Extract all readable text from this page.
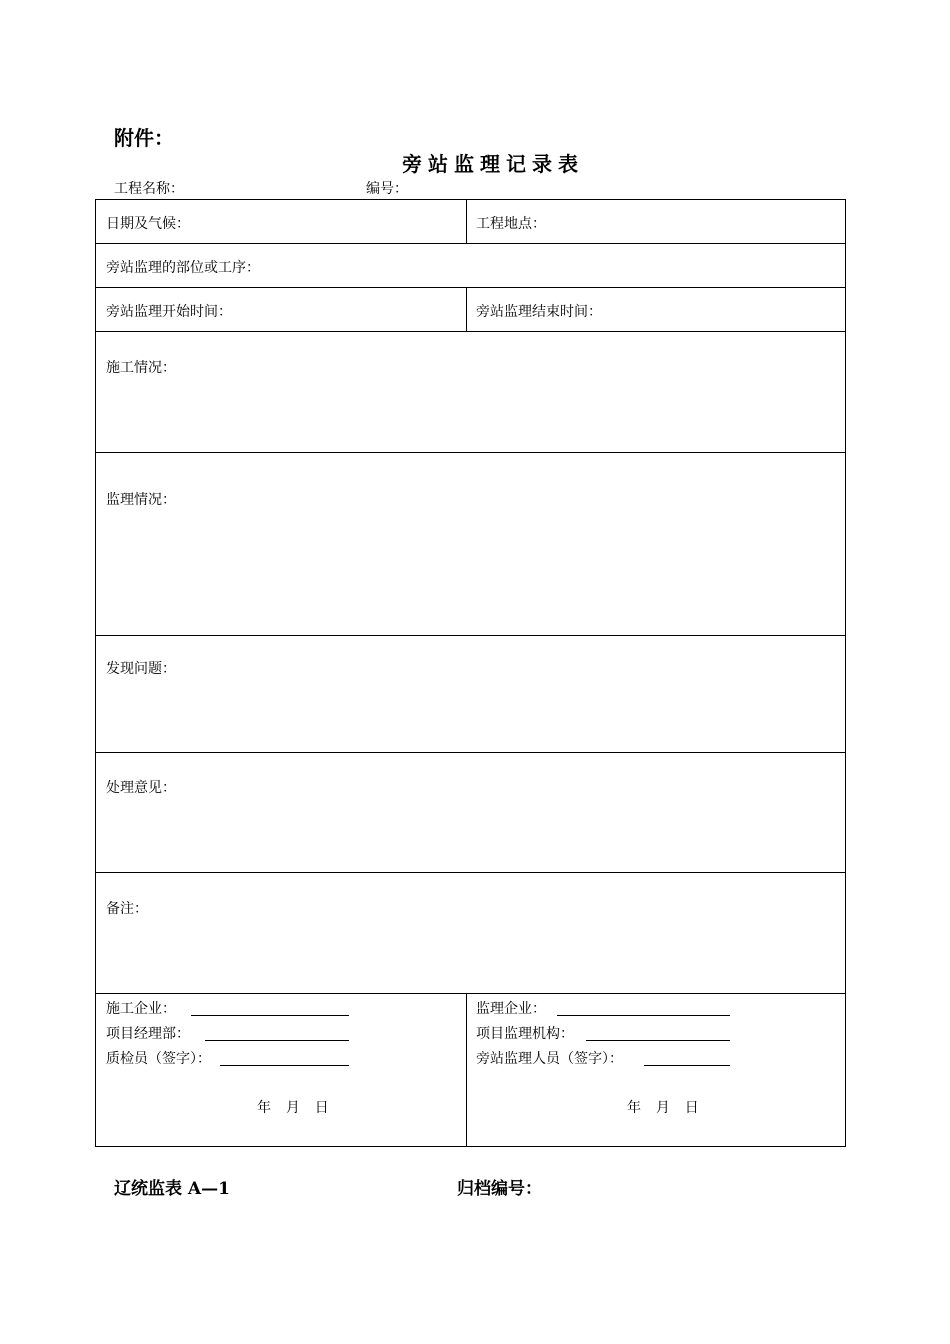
附件：
旁站监理记录表
工程名称：	编号：
日期及气候：	工程地点：
旁站监理的部位或工序：
旁站监理开始时间：	旁站监理结束时间：
施工情况：
监理情况：
发现问题：
处理意见：
备注：
施工企业：
项目经理部：
质检员（签字）：
年  月  日
监理企业：
项目监理机构：
旁站监理人员（签字）：
年  月  日
辽统监表 A—1	归档编号：
